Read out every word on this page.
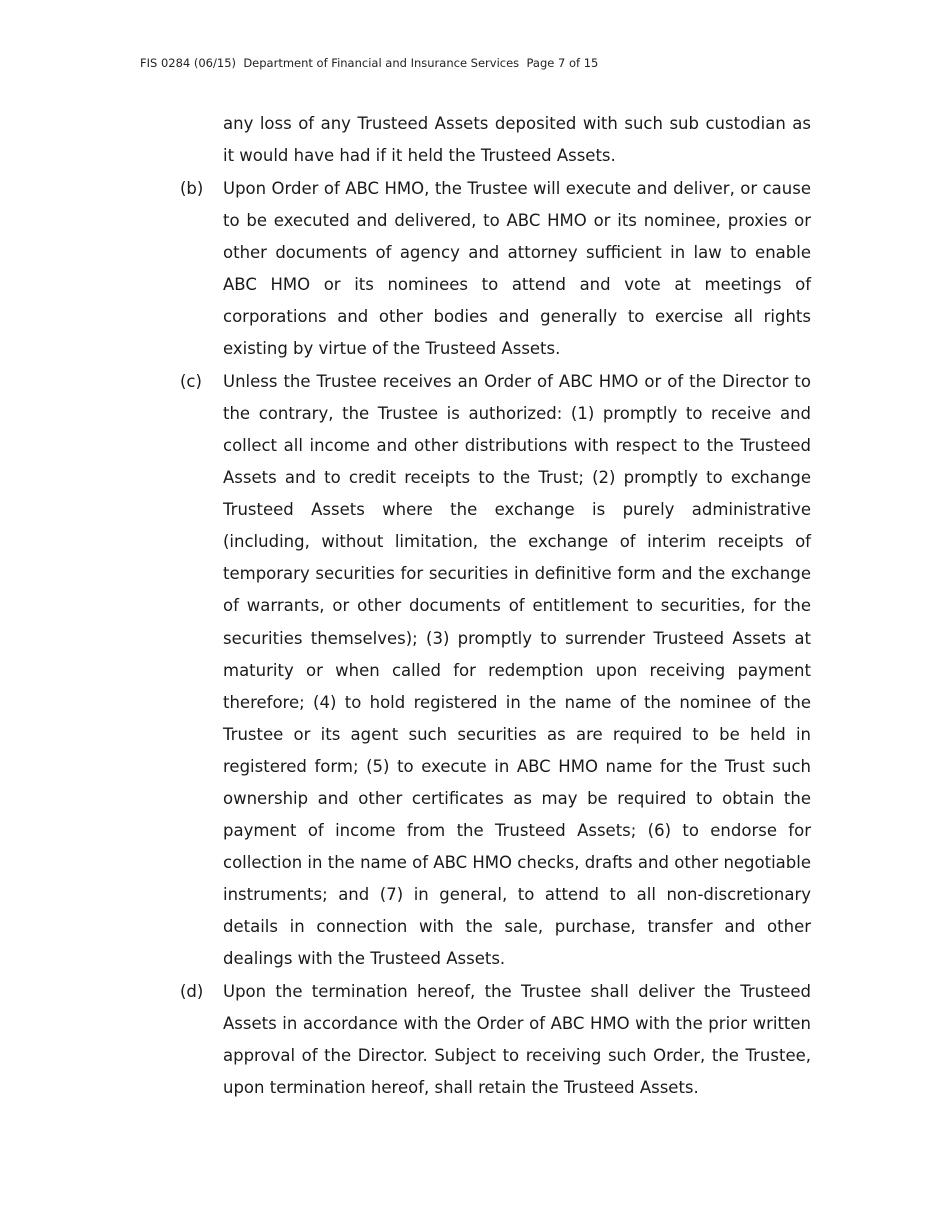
FIS 0284 (06/15) Department of Financial and Insurance Services Page 7 of 15

any loss of any Trusteed Assets deposited with such sub custodian as it would have had if it held the Trusteed Assets.

(b) Upon Order of ABC HMO, the Trustee will execute and deliver, or cause to be executed and delivered, to ABC HMO or its nominee, proxies or other documents of agency and attorney sufficient in law to enable ABC HMO or its nominees to attend and vote at meetings of corporations and other bodies and generally to exercise all rights existing by virtue of the Trusteed Assets.
(c) Unless the Trustee receives an Order of ABC HMO or of the Director to the contrary, the Trustee is authorized: (1) promptly to receive and collect all income and other distributions with respect to the Trusteed Assets and to credit receipts to the Trust; (2) promptly to exchange Trusteed Assets where the exchange is purely administrative (including, without limitation, the exchange of interim receipts of temporary securities for securities in definitive form and the exchange of warrants, or other documents of entitlement to securities, for the securities themselves); (3) promptly to surrender Trusteed Assets at maturity or when called for redemption upon receiving payment therefore; (4) to hold registered in the name of the nominee of the Trustee or its agent such securities as are required to be held in registered form; (5) to execute in ABC HMO name for the Trust such ownership and other certificates as may be required to obtain the payment of income from the Trusteed Assets; (6) to endorse for collection in the name of ABC HMO checks, drafts and other negotiable instruments; and (7) in general, to attend to all non-discretionary details in connection with the sale, purchase, transfer and other dealings with the Trusteed Assets.
(d) Upon the termination hereof, the Trustee shall deliver the Trusteed Assets in accordance with the Order of ABC HMO with the prior written approval of the Director. Subject to receiving such Order, the Trustee, upon termination hereof, shall retain the Trusteed Assets.
